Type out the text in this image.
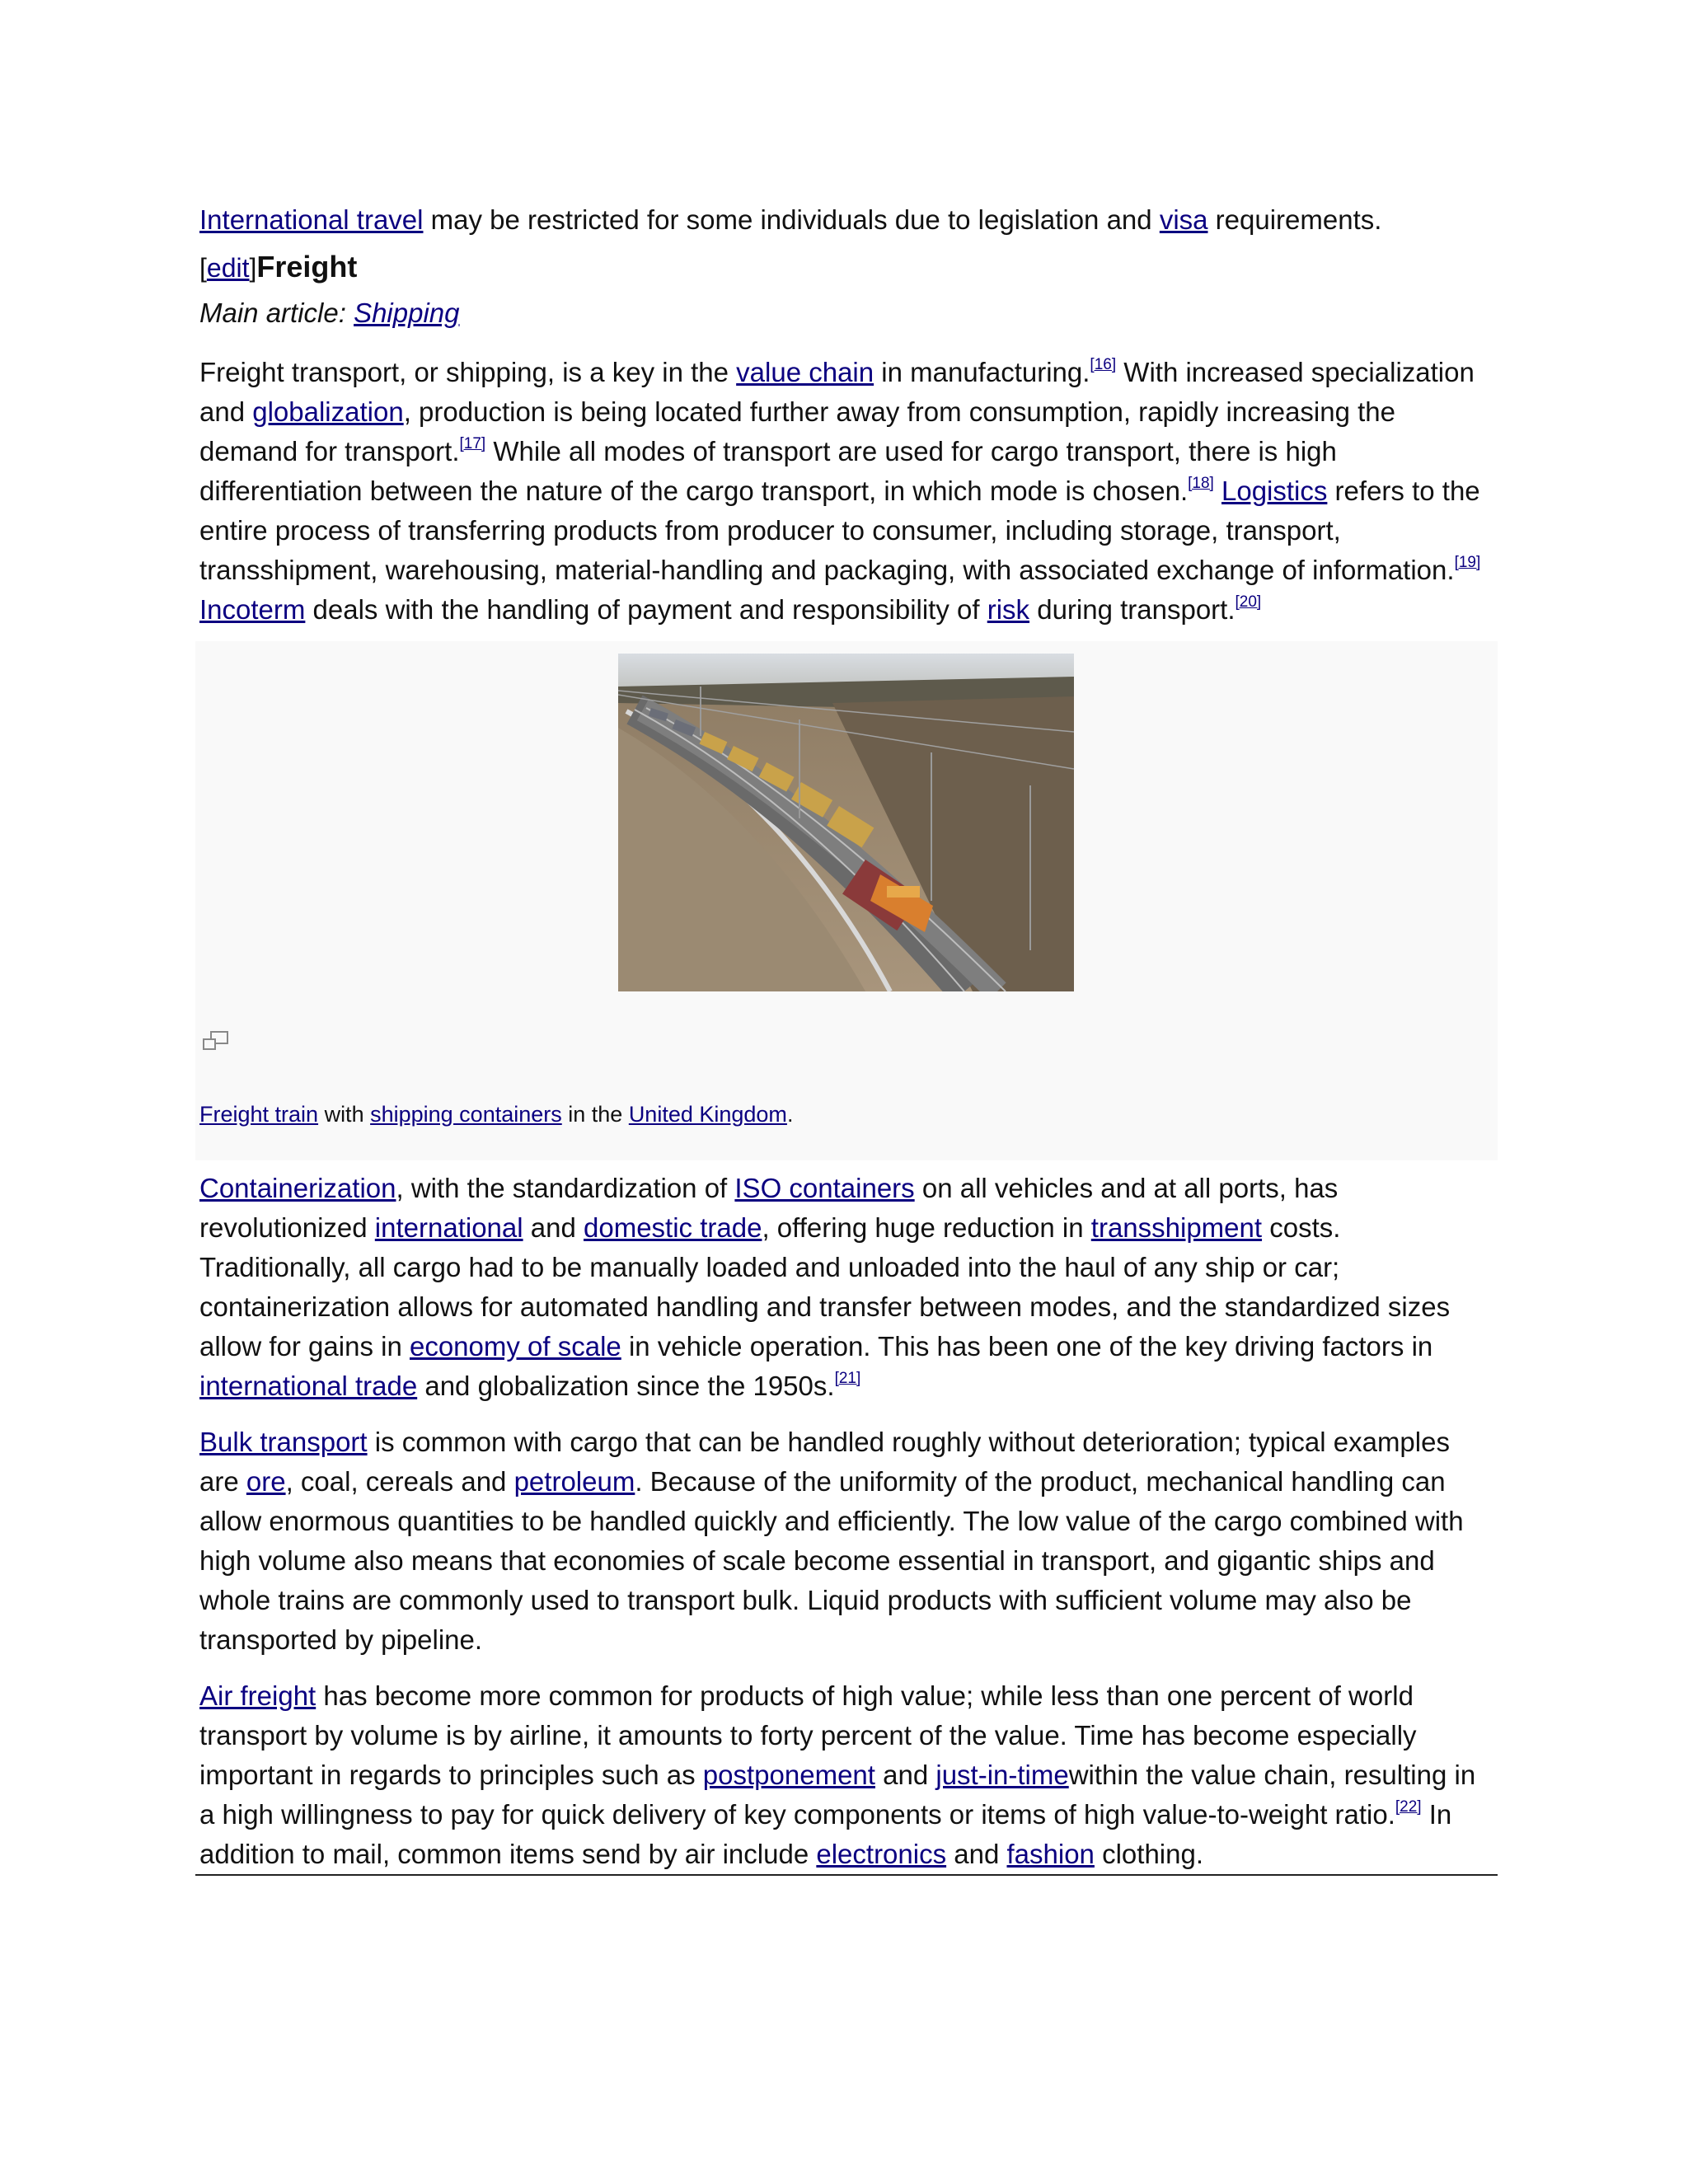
International travel may be restricted for some individuals due to legislation and visa requirements.

[edit]Freight

Main article: Shipping

Freight transport, or shipping, is a key in the value chain in manufacturing.[16] With increased specialization and globalization, production is being located further away from consumption, rapidly increasing the demand for transport.[17] While all modes of transport are used for cargo transport, there is high differentiation between the nature of the cargo transport, in which mode is chosen.[18] Logistics refers to the entire process of transferring products from producer to consumer, including storage, transport, transshipment, warehousing, material-handling and packaging, with associated exchange of information.[19] Incoterm deals with the handling of payment and responsibility of risk during transport.[20]

Freight train with shipping containers in the United Kingdom.

Containerization, with the standardization of ISO containers on all vehicles and at all ports, has revolutionized international and domestic trade, offering huge reduction in transshipment costs. Traditionally, all cargo had to be manually loaded and unloaded into the haul of any ship or car; containerization allows for automated handling and transfer between modes, and the standardized sizes allow for gains in economy of scale in vehicle operation. This has been one of the key driving factors in international trade and globalization since the 1950s.[21]

Bulk transport is common with cargo that can be handled roughly without deterioration; typical examples are ore, coal, cereals and petroleum. Because of the uniformity of the product, mechanical handling can allow enormous quantities to be handled quickly and efficiently. The low value of the cargo combined with high volume also means that economies of scale become essential in transport, and gigantic ships and whole trains are commonly used to transport bulk. Liquid products with sufficient volume may also be transported by pipeline.

Air freight has become more common for products of high value; while less than one percent of world transport by volume is by airline, it amounts to forty percent of the value. Time has become especially important in regards to principles such as postponement and just-in-timewithin the value chain, resulting in a high willingness to pay for quick delivery of key components or items of high value-to-weight ratio.[22] In addition to mail, common items send by air include electronics and fashion clothing.
